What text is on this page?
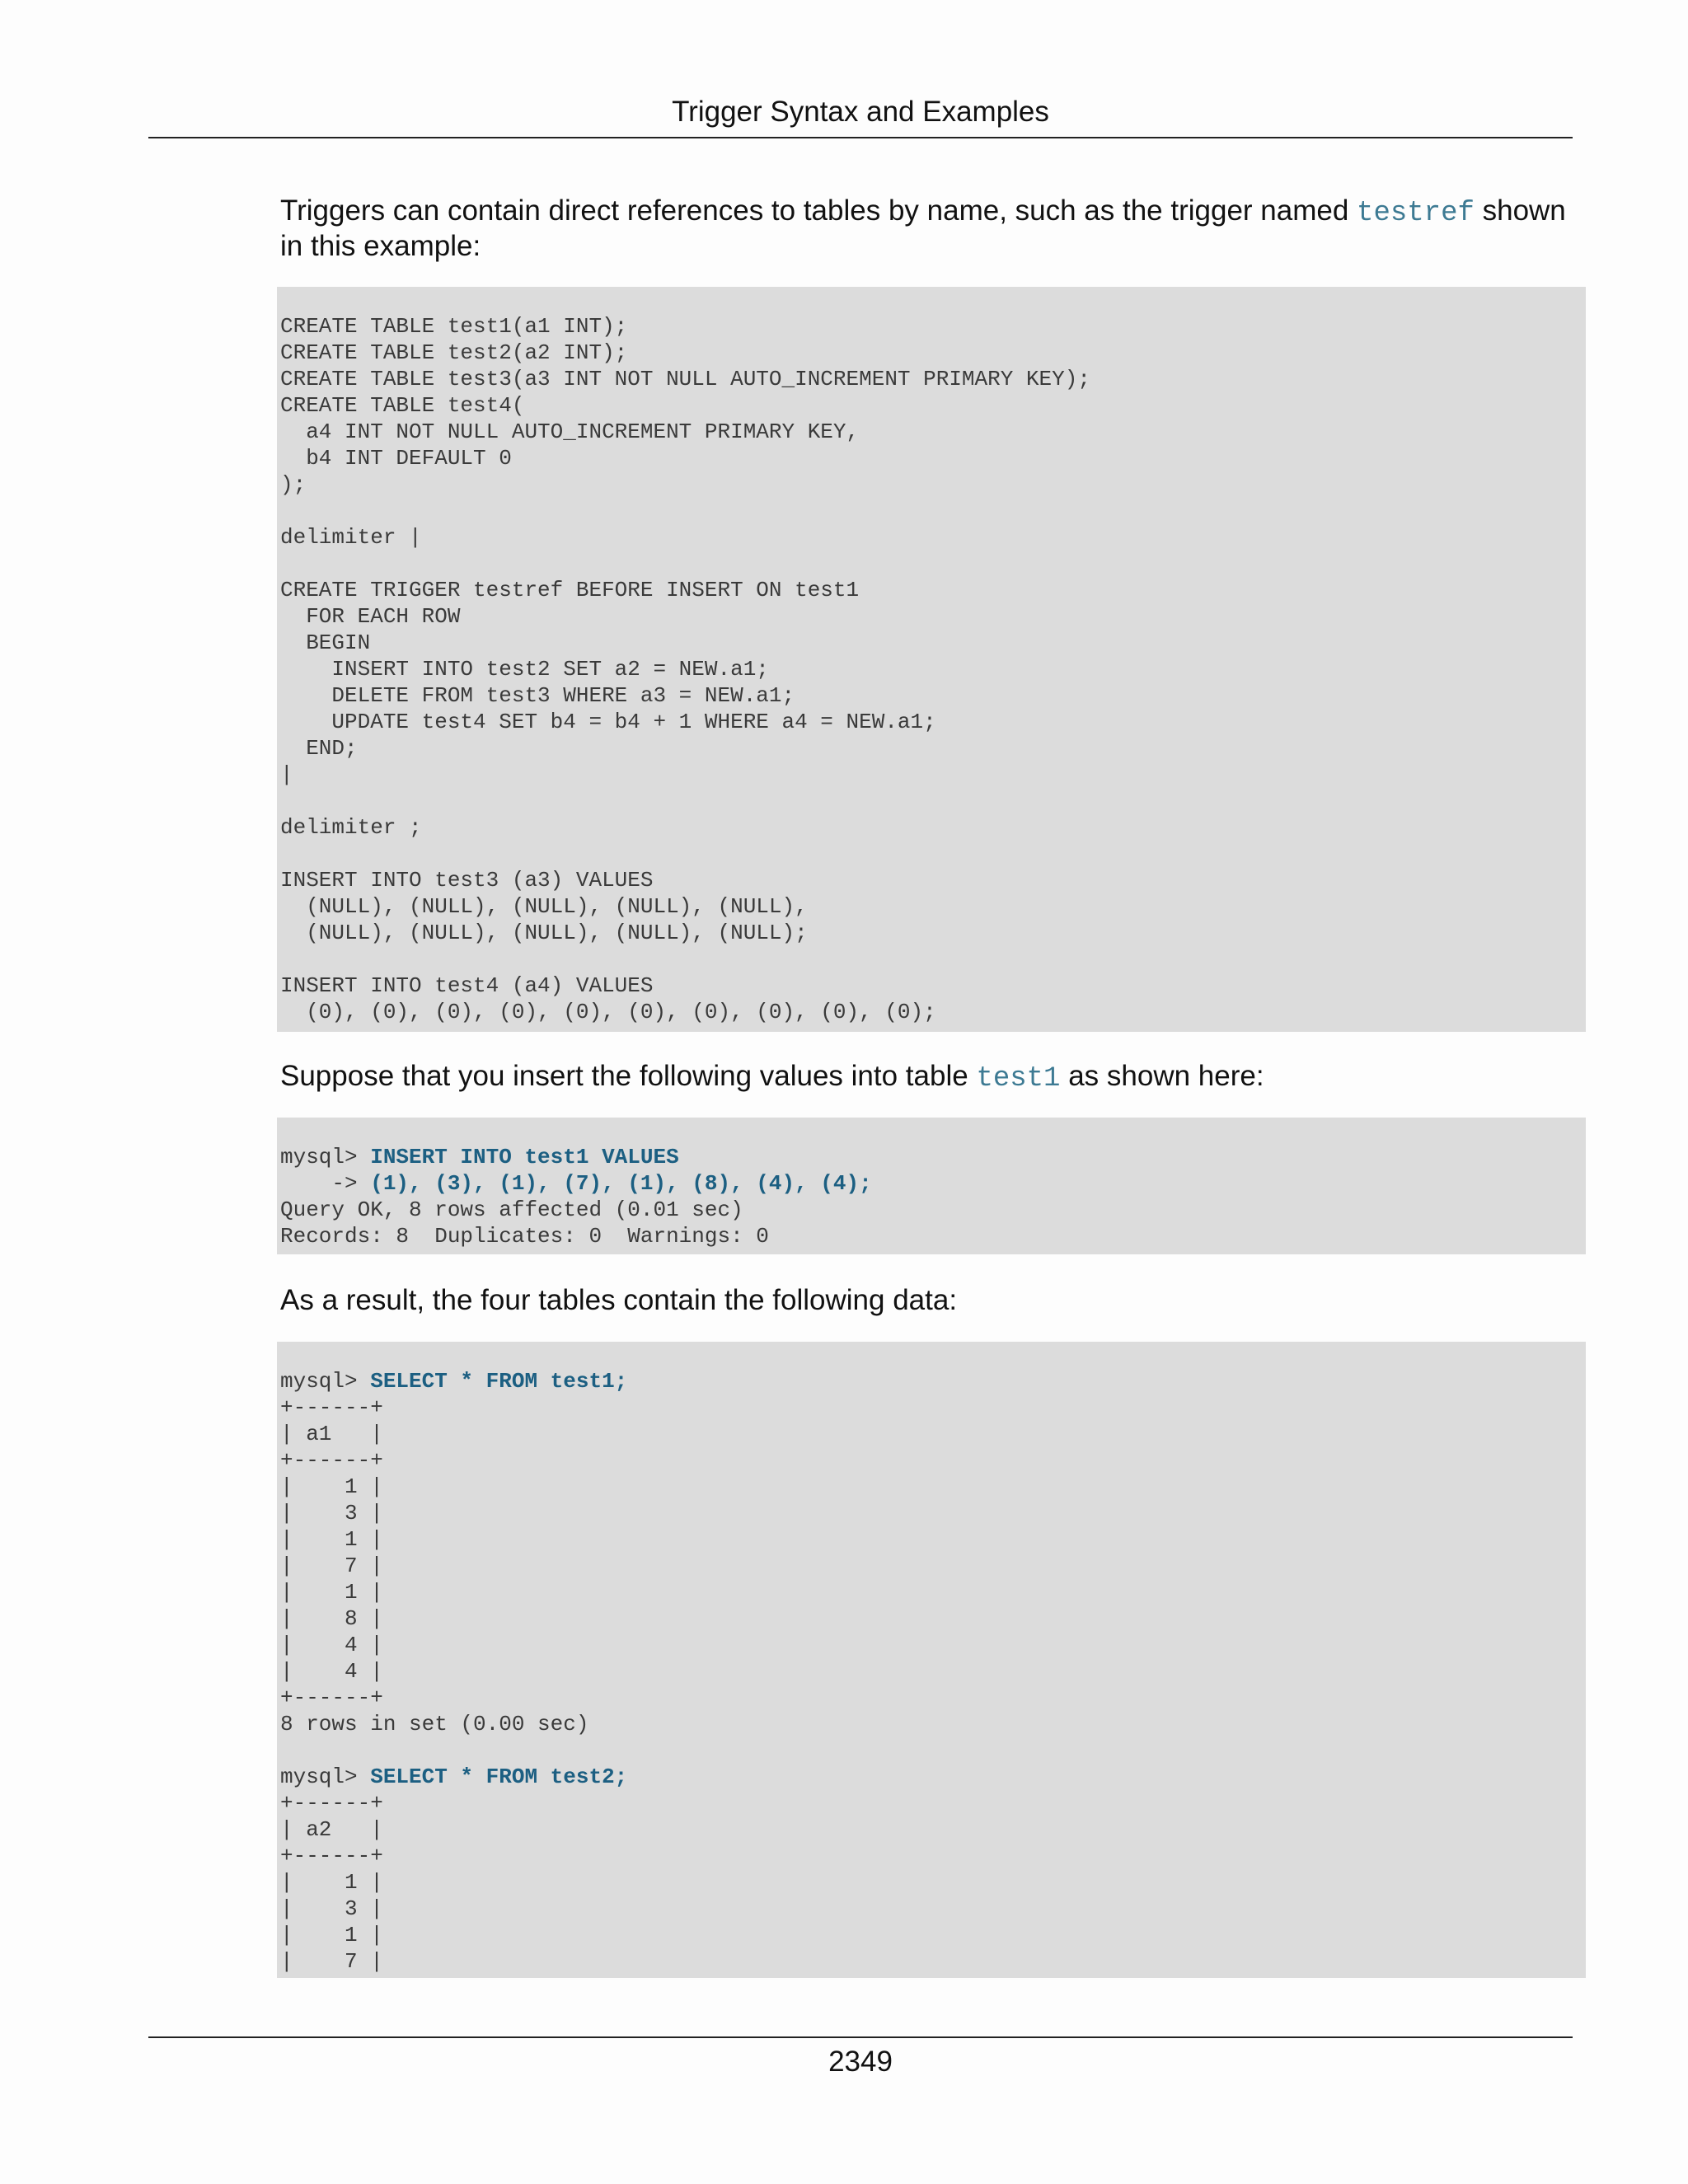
Trigger Syntax and Examples
Triggers can contain direct references to tables by name, such as the trigger named testref shown in this example:
CREATE TABLE test1(a1 INT);
CREATE TABLE test2(a2 INT);
CREATE TABLE test3(a3 INT NOT NULL AUTO_INCREMENT PRIMARY KEY);
CREATE TABLE test4(
a4 INT NOT NULL AUTO_INCREMENT PRIMARY KEY,
b4 INT DEFAULT 0
);
delimiter |
CREATE TRIGGER testref BEFORE INSERT ON test1
FOR EACH ROW
BEGIN
INSERT INTO test2 SET a2 = NEW.a1;
DELETE FROM test3 WHERE a3 = NEW.a1;
UPDATE test4 SET b4 = b4 + 1 WHERE a4 = NEW.a1;
END;
|
delimiter ;
INSERT INTO test3 (a3) VALUES
(NULL), (NULL), (NULL), (NULL), (NULL),
(NULL), (NULL), (NULL), (NULL), (NULL);
INSERT INTO test4 (a4) VALUES
(0), (0), (0), (0), (0), (0), (0), (0), (0), (0);
Suppose that you insert the following values into table test1 as shown here:
mysql> INSERT INTO test1 VALUES
-> (1), (3), (1), (7), (1), (8), (4), (4);
Query OK, 8 rows affected (0.01 sec)
Records: 8  Duplicates: 0  Warnings: 0
As a result, the four tables contain the following data:
mysql> SELECT * FROM test1;
+------+
| a1   |
+------+
|    1 |
|    3 |
|    1 |
|    7 |
|    1 |
|    8 |
|    4 |
|    4 |
+------+
8 rows in set (0.00 sec)
mysql> SELECT * FROM test2;
+------+
| a2   |
+------+
|    1 |
|    3 |
|    1 |
|    7 |
2349
